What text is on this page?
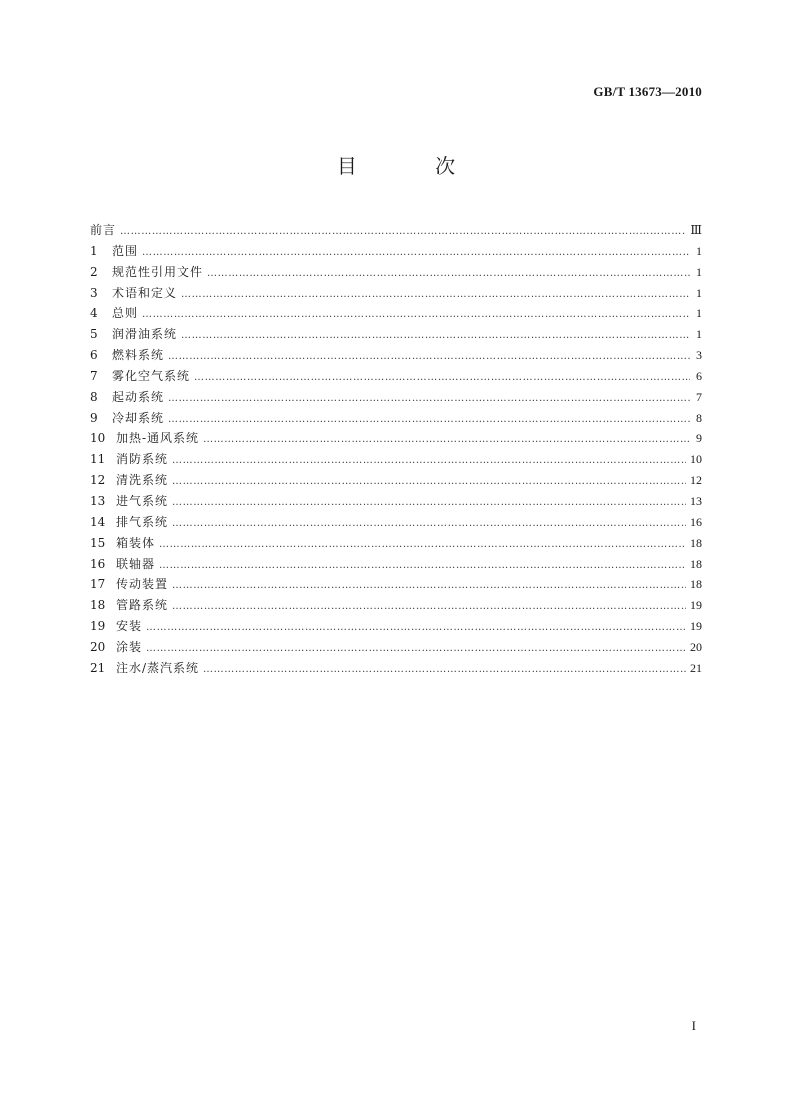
GB/T 13673—2010
目 次
前言 …………………………………………………………………………………………………………………………………………………………………………………………………………………………………………	Ⅲ
1	范围 …………………………………………………………………………………………………………………………………………………………………………………………………………………………………………	1
2	规范性引用文件 …………………………………………………………………………………………………………………………………………………………………………………………………………………………………………	1
3	术语和定义 …………………………………………………………………………………………………………………………………………………………………………………………………………………………………………	1
4	总则 …………………………………………………………………………………………………………………………………………………………………………………………………………………………………………	1
5	润滑油系统 …………………………………………………………………………………………………………………………………………………………………………………………………………………………………………	1
6	燃料系统 …………………………………………………………………………………………………………………………………………………………………………………………………………………………………………	3
7	雾化空气系统 …………………………………………………………………………………………………………………………………………………………………………………………………………………………………………	6
8	起动系统 …………………………………………………………………………………………………………………………………………………………………………………………………………………………………………	7
9	冷却系统 …………………………………………………………………………………………………………………………………………………………………………………………………………………………………………	8
10 加热-通风系统 …………………………………………………………………………………………………………………………………………………………………………………………………………………………………………	9
11 消防系统 …………………………………………………………………………………………………………………………………………………………………………………………………………………………………………	10
12 清洗系统 …………………………………………………………………………………………………………………………………………………………………………………………………………………………………………	12
13 进气系统 …………………………………………………………………………………………………………………………………………………………………………………………………………………………………………	13
14 排气系统 …………………………………………………………………………………………………………………………………………………………………………………………………………………………………………	16
15 箱装体 …………………………………………………………………………………………………………………………………………………………………………………………………………………………………………	18
16 联轴器 …………………………………………………………………………………………………………………………………………………………………………………………………………………………………………	18
17 传动装置 …………………………………………………………………………………………………………………………………………………………………………………………………………………………………………	18
18 管路系统 …………………………………………………………………………………………………………………………………………………………………………………………………………………………………………	19
19 安装 …………………………………………………………………………………………………………………………………………………………………………………………………………………………………………	19
20 涂装 …………………………………………………………………………………………………………………………………………………………………………………………………………………………………………	20
21 注水/蒸汽系统 …………………………………………………………………………………………………………………………………………………………………………………………………………………………………………	21
I
